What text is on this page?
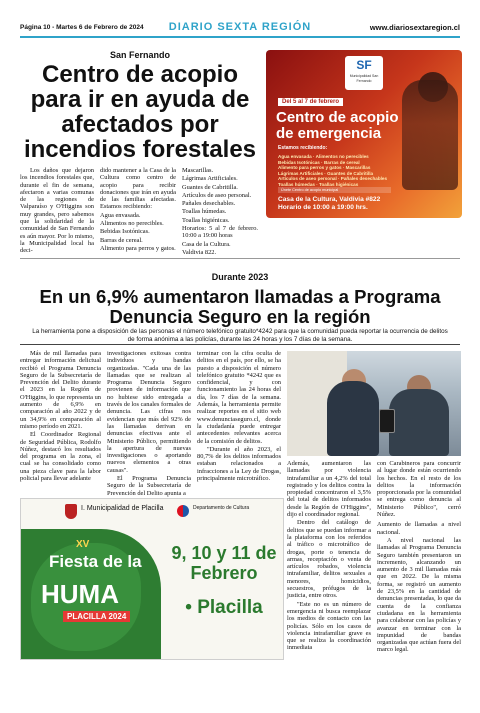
Página 10 - Martes 6 de Febrero de 2024	DIARIO SEXTA REGIÓN	www.diariosextaregion.cl
San Fernando
Centro de acopio para ir en ayuda de afectados por incendios forestales

Los daños que dejaron los incendios forestales que, durante el fin de semana, afectaron a varias comunas de las regiones de Valparaíso y O'Higgins son muy grandes, pero sabemos que la solidaridad de la comunidad de San Fernando es aún mayor. Por lo mismo, la Municipalidad local ha deci-

dido mantener a la Casa de la Cultura como centro de acopio para recibir donaciones que irán en ayuda de las familias afectadas. Estamos recibiendo:

Agua envasada.

Alimentos no perecibles.

Bebidas Isotónicas.

Barras de cereal.

Alimento para perros y gatos.

Mascarillas.

Lágrimas Artificiales.

Guantes de Cabritilla.

Artículos de aseo personal.

Pañales desechables.

Toallas húmedas.

Toallas higiénicas.

Horarios: 5 al 7 de febrero. 10:00 a 19:00 horas

Casa de la Cultura.

Valdivia 822.

SF
Municipalidad San Fernando
Del 5 al 7 de febrero
Centro de acopio de emergencia
Estamos recibiendo:
Agua envasada · Alimentos no perecibles
Bebidas Isotónicas · Barras de cereal
Alimento para perros y gatos · Mascarillas
Lágrimas Artificiales · Guantes de Cabritilla
Artículos de aseo personal · Pañales desechables
Toallas húmedas · Toallas higiénicas
Únete Centro de acopio municipal
Casa de la Cultura, Valdivia #822
Horario de 10:00 a 19:00 hrs.
Durante 2023
En un 6,9% aumentaron llamadas a Programa Denuncia Seguro en la región
La herramienta pone a disposición de las personas el número telefónico gratuito*4242 para que la comunidad pueda reportar la ocurrencia de delitos de forma anónima a las policías, durante las 24 horas y los 7 días de la semana.

Más de mil llamadas para entregar información delictual recibió el Programa Denuncia Seguro de la Subsecretaría de Prevención del Delito durante el 2023 en la Región de O'Higgins, lo que representa un aumento de 6,9% en comparación al año 2022 y de un 34,9% en comparación al mismo período en 2021.

El Coordinador Regional de Seguridad Pública, Rodolfo Núñez, destacó los resultados del programa en la zona, el cual se ha consolidado como una pieza clave para la labor policial para llevar adelante

investigaciones exitosas contra individuos y bandas organizadas. "Cada una de las llamadas que se realizan al Programa Denuncia Seguro provienen de información que no hubiese sido entregada a través de los canales formales de denuncia. Las cifras nos evidencian que más del 92% de las llamadas derivan en denuncias efectivas ante el Ministerio Público, permitiendo la apertura de nuevas investigaciones o aportando nuevos elementos a otras causas".

El Programa Denuncia Seguro de la Subsecretaría de Prevención del Delito apunta a

terminar con la cifra oculta de delitos en el país, por ello, se ha puesto a disposición el número telefónico gratuito *4242 que es confidencial, y con funcionamiento las 24 horas del día, los 7 días de la semana. Además, la herramienta permite realizar reportes en el sitio web www.denunciaseguro.cl, donde la ciudadanía puede entregar antecedentes relevantes acerca de la comisión de delitos.

"Durante el año 2023, el 80,7% de los delitos informados estaban relacionados a infracciones a la Ley de Drogas, principalmente microtráfico.

Además, aumentaron las llamadas por violencia intrafamiliar a un 4,2% del total registrado y los delitos contra la propiedad concentraron el 3,5% del total de delitos informados desde la Región de O'Higgins", dijo el coordinador regional.

Dentro del catálogo de delitos que se puedan informar a la plataforma con los referidos al tráfico o microtráfico de drogas, porte o tenencia de armas, receptación o venta de artículos robados, violencia intrafamiliar, delitos sexuales a menores, homicidios, secuestros, prófugos de la justicia, entre otros.

"Este no es un número de emergencia ni busca reemplazar los medios de contacto con las policías. Sólo en los casos de violencia intrafamiliar grave es que se realiza la coordinación inmediata

con Carabineros para concurrir al lugar donde están ocurriendo los hechos. En el resto de los delitos la información proporcionada por la comunidad se entrega como denuncia al Ministerio Público", cerró Núñez.

Aumento de llamadas a nivel nacional.

A nivel nacional las llamadas al Programa Denuncia Seguro también presentaron un incremento, alcanzando un aumento de 3 mil llamadas más que en 2022. De la misma forma, se registró un aumento de 23,5% en la cantidad de denuncias presentadas, lo que da cuenta de la confianza ciudadana en la herramienta para colaborar con las policías y avanzar en terminar con la impunidad de bandas organizadas que actúan fuera del marco legal.

I. Municipalidad de Placilla	Departamento de Cultura
XV
Fiesta de la
HUMA
PLACILLA 2024
9, 10 y 11 de Febrero
• Placilla
